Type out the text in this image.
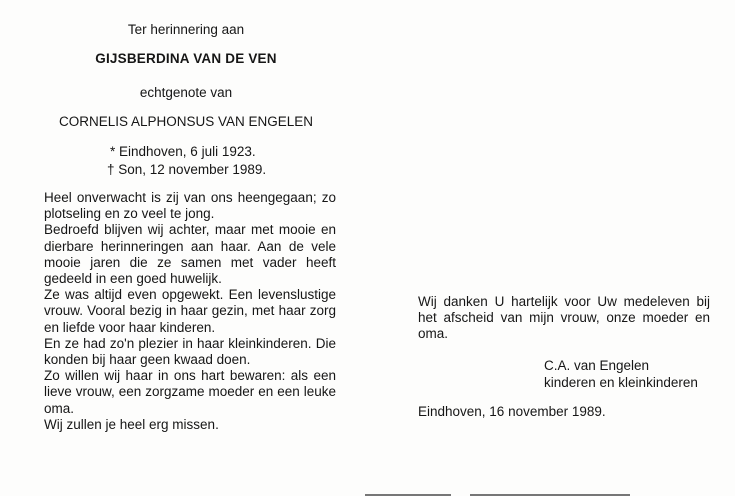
Ter herinnering aan
GIJSBERDINA VAN DE VEN
echtgenote van
CORNELIS ALPHONSUS VAN ENGELEN
* Eindhoven, 6 juli 1923.
† Son, 12 november 1989.

Heel onverwacht is zij van ons heengegaan; zo plotseling en zo veel te jong.

Bedroefd blijven wij achter, maar met mooie en dierbare herinneringen aan haar. Aan de vele mooie jaren die ze samen met vader heeft gedeeld in een goed huwelijk.

Ze was altijd even opgewekt. Een levenslustige vrouw. Vooral bezig in haar gezin, met haar zorg en liefde voor haar kinderen.

En ze had zo'n plezier in haar kleinkinderen. Die konden bij haar geen kwaad doen.

Zo willen wij haar in ons hart bewaren: als een lieve vrouw, een zorgzame moeder en een leuke oma.

Wij zullen je heel erg missen.

Wij danken U hartelijk voor Uw medeleven bij het afscheid van mijn vrouw, onze moeder en oma.

C.A. van Engelen
kinderen en kleinkinderen
Eindhoven, 16 november 1989.
